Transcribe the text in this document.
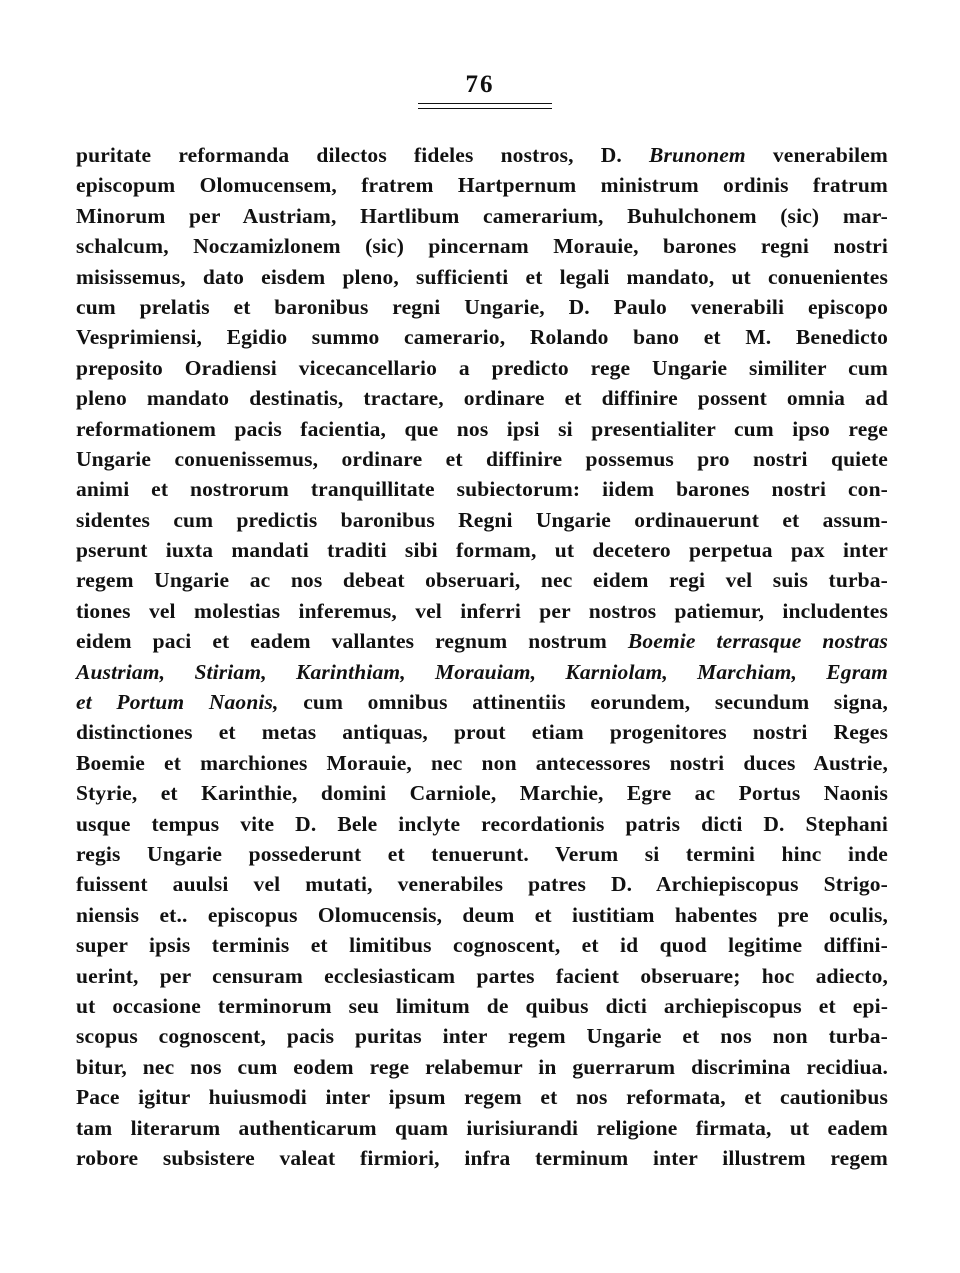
76
puritate reformanda dilectos fideles nostros, D. Brunonem venerabilem
episcopum Olomucensem, fratrem Hartpernum ministrum ordinis fratrum
Minorum per Austriam, Hartlibum camerarium, Buhulchonem (sic) mar-
schalcum, Noczamizlonem (sic) pincernam Morauie, barones regni nostri
misissemus, dato eisdem pleno, sufficienti et legali mandato, ut conuenientes
cum prelatis et baronibus regni Ungarie, D. Paulo venerabili episcopo
Vesprimiensi, Egidio summo camerario, Rolando bano et M. Benedicto
preposito Oradiensi vicecancellario a predicto rege Ungarie similiter cum
pleno mandato destinatis, tractare, ordinare et diffinire possent omnia ad
reformationem pacis facientia, que nos ipsi si presentialiter cum ipso rege
Ungarie conuenissemus, ordinare et diffinire possemus pro nostri quiete
animi et nostrorum tranquillitate subiectorum: iidem barones nostri con-
sidentes cum predictis baronibus Regni Ungarie ordinauerunt et assum-
pserunt iuxta mandati traditi sibi formam, ut decetero perpetua pax inter
regem Ungarie ac nos debeat obseruari, nec eidem regi vel suis turba-
tiones vel molestias inferemus, vel inferri per nostros patiemur, includentes
eidem paci et eadem vallantes regnum nostrum Boemie terrasque nostras
Austriam, Stiriam, Karinthiam, Morauiam, Karniolam, Marchiam, Egram
et Portum Naonis, cum omnibus attinentiis eorundem, secundum signa,
distinctiones et metas antiquas, prout etiam progenitores nostri Reges
Boemie et marchiones Morauie, nec non antecessores nostri duces Austrie,
Styrie, et Karinthie, domini Carniole, Marchie, Egre ac Portus Naonis
usque tempus vite D. Bele inclyte recordationis patris dicti D. Stephani
regis Ungarie possederunt et tenuerunt. Verum si termini hinc inde
fuissent auulsi vel mutati, venerabiles patres D. Archiepiscopus Strigo-
niensis et.. episcopus Olomucensis, deum et iustitiam habentes pre oculis,
super ipsis terminis et limitibus cognoscent, et id quod legitime diffini-
uerint, per censuram ecclesiasticam partes facient obseruare; hoc adiecto,
ut occasione terminorum seu limitum de quibus dicti archiepiscopus et epi-
scopus cognoscent, pacis puritas inter regem Ungarie et nos non turba-
bitur, nec nos cum eodem rege relabemur in guerrarum discrimina recidiua.
Pace igitur huiusmodi inter ipsum regem et nos reformata, et cautionibus
tam literarum authenticarum quam iurisiurandi religione firmata, ut eadem
robore subsistere valeat firmiori, infra terminum inter illustrem regem
